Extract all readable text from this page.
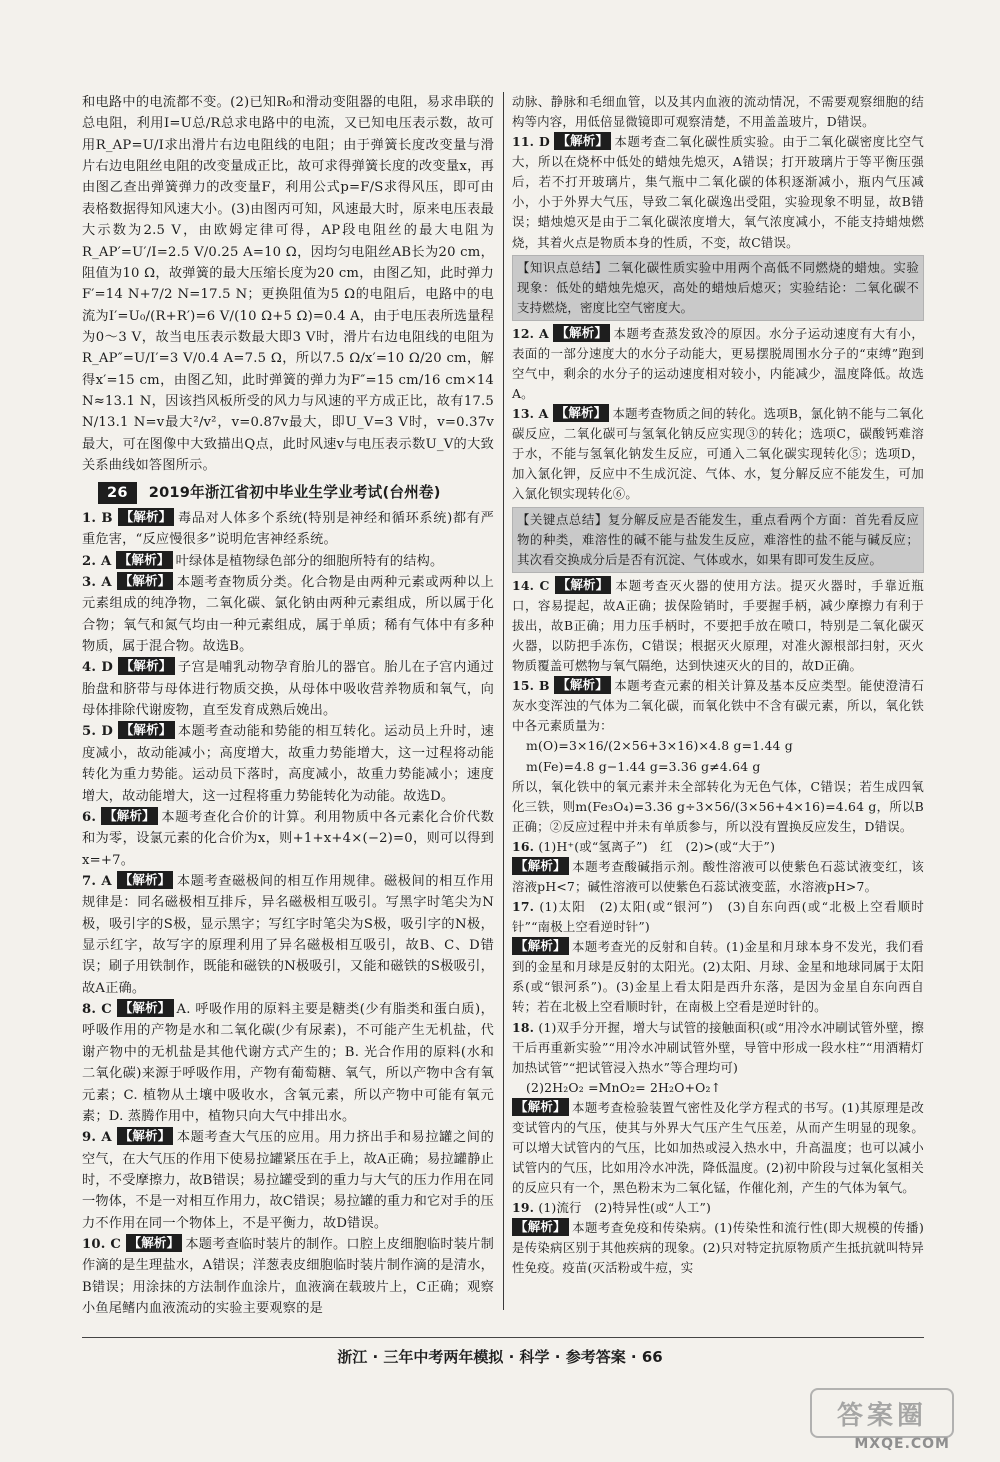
和电路中的电流都不变。(2)已知R₀和滑动变阻器的电阻，易求串联的总电阻，利用I=U总/R总求电路中的电流，又已知电压表示数，故可用R_AP=U/I求出滑片右边电阻线的电阻；由于弹簧长度改变量与滑片右边电阻丝电阻的改变量成正比，故可求得弹簧长度的改变量x，再由图乙查出弹簧弹力的改变量F，利用公式p=F/S求得风压，即可由表格数据得知风速大小。(3)由图丙可知，风速最大时，原来电压表最大示数为2.5 V，由欧姆定律可得，AP段电阻丝的最大电阻为R_AP′=U′/I=2.5 V/0.25 A=10 Ω，因均匀电阻丝AB长为20 cm，阻值为10 Ω，故弹簧的最大压缩长度为20 cm，由图乙知，此时弹力F′=14 N+7/2 N=17.5 N；更换阻值为5 Ω的电阻后，电路中的电流为I′=U₀/(R+R′)=6 V/(10 Ω+5 Ω)=0.4 A，由于电压表所选量程为0～3 V，故当电压表示数最大即3 V时，滑片右边电阻线的电阻为R_AP″=U/I′=3 V/0.4 A=7.5 Ω，所以7.5 Ω/x′=10 Ω/20 cm，解得x′=15 cm，由图乙知，此时弹簧的弹力为F″=15 cm/16 cm×14 N≈13.1 N，因该挡风板所受的风力与风速的平方成正比，故有17.5 N/13.1 N=v最大²/v²，v=0.87v最大，即U_V=3 V时，v=0.37v最大，可在图像中大致描出Q点，此时风速v与电压表示数U_V的大致关系曲线如答图所示。

26	2019年浙江省初中毕业生学业考试(台州卷)

1. B 【解析】 毒品对人体多个系统(特别是神经和循环系统)都有严重危害，“反应慢很多”说明危害神经系统。

2. A 【解析】 叶绿体是植物绿色部分的细胞所特有的结构。

3. A 【解析】 本题考查物质分类。化合物是由两种元素或两种以上元素组成的纯净物，二氧化碳、氯化钠由两种元素组成，所以属于化合物；氧气和氮气均由一种元素组成，属于单质；稀有气体中有多种物质，属于混合物。故选B。

4. D 【解析】 子宫是哺乳动物孕育胎儿的器官。胎儿在子宫内通过胎盘和脐带与母体进行物质交换，从母体中吸收营养物质和氧气，向母体排除代谢废物，直至发育成熟后娩出。

5. D 【解析】 本题考查动能和势能的相互转化。运动员上升时，速度减小，故动能减小；高度增大，故重力势能增大，这一过程将动能转化为重力势能。运动员下落时，高度减小，故重力势能减小；速度增大，故动能增大，这一过程将重力势能转化为动能。故选D。

6. 【解析】 本题考查化合价的计算。利用物质中各元素化合价代数和为零，设氯元素的化合价为x，则+1+x+4×(−2)=0，则可以得到x=+7。

7. A 【解析】 本题考查磁极间的相互作用规律。磁极间的相互作用规律是：同名磁极相互排斥，异名磁极相互吸引。写黑字时笔尖为N极，吸引字的S极，显示黑字；写红字时笔尖为S极，吸引字的N极，显示红字，故写字的原理利用了异名磁极相互吸引，故B、C、D错误；刷子用铁制作，既能和磁铁的N极吸引，又能和磁铁的S极吸引，故A正确。

8. C 【解析】 A. 呼吸作用的原料主要是糖类(少有脂类和蛋白质)，呼吸作用的产物是水和二氧化碳(少有尿素)，不可能产生无机盐，代谢产物中的无机盐是其他代谢方式产生的；B. 光合作用的原料(水和二氧化碳)来源于呼吸作用，产物有葡萄糖、氧气，所以产物中含有氧元素；C. 植物从土壤中吸收水，含氧元素，所以产物中可能有氧元素；D. 蒸腾作用中，植物只向大气中排出水。

9. A 【解析】 本题考查大气压的应用。用力挤出手和易拉罐之间的空气，在大气压的作用下使易拉罐紧压在手上，故A正确；易拉罐静止时，不受摩擦力，故B错误；易拉罐受到的重力与大气的压力作用在同一物体，不是一对相互作用力，故C错误；易拉罐的重力和它对手的压力不作用在同一个物体上，不是平衡力，故D错误。

10. C 【解析】 本题考查临时装片的制作。口腔上皮细胞临时装片制作滴的是生理盐水，A错误；洋葱表皮细胞临时装片制作滴的是清水，B错误；用涂抹的方法制作血涂片，血液滴在载玻片上，C正确；观察小鱼尾鳍内血液流动的实验主要观察的是

动脉、静脉和毛细血管，以及其内血液的流动情况，不需要观察细胞的结构等内容，用低倍显微镜即可观察清楚，不用盖盖玻片，D错误。

11. D 【解析】 本题考查二氧化碳性质实验。由于二氧化碳密度比空气大，所以在烧杯中低处的蜡烛先熄灭，A错误；打开玻璃片于等平衡压强后，若不打开玻璃片，集气瓶中二氧化碳的体积逐渐减小，瓶内气压减小，小于外界大气压，导致二氧化碳逸出受阻，实验现象不明显，故B错误；蜡烛熄灭是由于二氧化碳浓度增大，氧气浓度减小，不能支持蜡烛燃烧，其着火点是物质本身的性质，不变，故C错误。

【知识点总结】二氧化碳性质实验中用两个高低不同燃烧的蜡烛。实验现象：低处的蜡烛先熄灭，高处的蜡烛后熄灭；实验结论：二氧化碳不支持燃烧，密度比空气密度大。

12. A 【解析】 本题考查蒸发致冷的原因。水分子运动速度有大有小，表面的一部分速度大的水分子动能大，更易摆脱周围水分子的“束缚”跑到空气中，剩余的水分子的运动速度相对较小，内能减少，温度降低。故选A。

13. A 【解析】 本题考查物质之间的转化。选项B，氯化钠不能与二氧化碳反应，二氧化碳可与氢氧化钠反应实现③的转化；选项C，碳酸钙难溶于水，不能与氢氧化钠发生反应，可通入二氧化碳实现转化⑤；选项D，加入氯化钾，反应中不生成沉淀、气体、水，复分解反应不能发生，可加入氯化钡实现转化⑥。

【关键点总结】复分解反应是否能发生，重点看两个方面：首先看反应物的种类，难溶性的碱不能与盐发生反应，难溶性的盐不能与碱反应；其次看交换成分后是否有沉淀、气体或水，如果有即可发生反应。

14. C 【解析】 本题考查灭火器的使用方法。提灭火器时，手靠近瓶口，容易提起，故A正确；拔保险销时，手要握手柄，减少摩擦力有利于拔出，故B正确；用力压手柄时，不要把手放在喷口，特别是二氧化碳灭火器，以防把手冻伤，C错误；根据灭火原理，对准火源根部扫射，灭火物质覆盖可燃物与氧气隔绝，达到快速灭火的目的，故D正确。

15. B 【解析】 本题考查元素的相关计算及基本反应类型。能使澄清石灰水变浑浊的气体为二氧化碳，而氧化铁中不含有碳元素，所以，氧化铁中各元素质量为：

m(O)=3×16/(2×56+3×16)×4.8 g=1.44 g

m(Fe)=4.8 g−1.44 g=3.36 g≠4.64 g

所以，氧化铁中的氧元素并未全部转化为无色气体，C错误；若生成四氧化三铁，则m(Fe₃O₄)=3.36 g÷3×56/(3×56+4×16)=4.64 g，所以B正确；②反应过程中并未有单质参与，所以没有置换反应发生，D错误。

16. (1)H⁺(或“氢离子”)　红　(2)>(或“大于”)

【解析】 本题考查酸碱指示剂。酸性溶液可以使紫色石蕊试液变红，该溶液pH<7；碱性溶液可以使紫色石蕊试液变蓝，水溶液pH>7。

17. (1)太阳　(2)太阳(或“银河”)　(3)自东向西(或“北极上空看顺时针”“南极上空看逆时针”)

【解析】 本题考查光的反射和自转。(1)金星和月球本身不发光，我们看到的金星和月球是反射的太阳光。(2)太阳、月球、金星和地球同属于太阳系(或“银河系”)。(3)金星上看太阳是西升东落，是因为金星自东向西自转；若在北极上空看顺时针，在南极上空看是逆时针的。

18. (1)双手分开握，增大与试管的接触面积(或“用冷水冲刷试管外壁，擦干后再重新实验”“用冷水冲刷试管外壁，导管中形成一段水柱”“用酒精灯加热试管”“把试管浸入热水”等合理均可)

(2)2H₂O₂ =MnO₂= 2H₂O+O₂↑

【解析】 本题考查检验装置气密性及化学方程式的书写。(1)其原理是改变试管内的气压，使其与外界大气压产生气压差，从而产生明显的现象。可以增大试管内的气压，比如加热或浸入热水中，升高温度；也可以减小试管内的气压，比如用冷水冲洗，降低温度。(2)初中阶段与过氧化氢相关的反应只有一个，黑色粉末为二氧化锰，作催化剂，产生的气体为氧气。

19. (1)流行　(2)特异性(或“人工”)

【解析】 本题考查免疫和传染病。(1)传染性和流行性(即大规模的传播)是传染病区别于其他疾病的现象。(2)只对特定抗原物质产生抵抗就叫特异性免疫。疫苗(灭活粉或牛痘，实

浙江 · 三年中考两年模拟 · 科学 · 参考答案 · 66
答案圈
MXQE.COM
